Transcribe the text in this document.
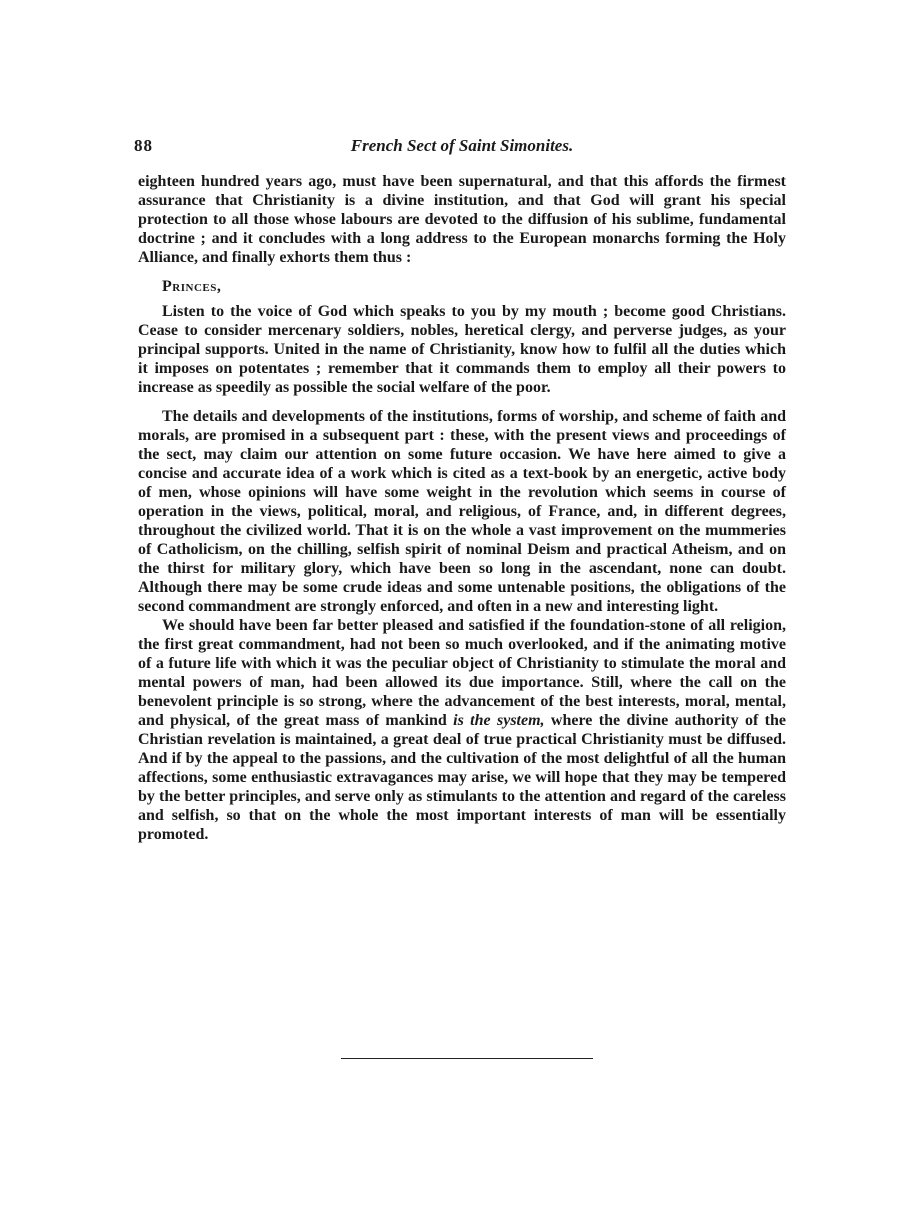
88	French Sect of Saint Simonites.

eighteen hundred years ago, must have been supernatural, and that this affords the firmest assurance that Christianity is a divine institution, and that God will grant his special protection to all those whose labours are devoted to the diffusion of his sublime, fundamental doctrine ; and it concludes with a long address to the European monarchs forming the Holy Alliance, and finally exhorts them thus :

Princes,

Listen to the voice of God which speaks to you by my mouth ; become good Christians. Cease to consider mercenary soldiers, nobles, heretical clergy, and perverse judges, as your principal supports. United in the name of Christianity, know how to fulfil all the duties which it imposes on potentates ; remember that it commands them to employ all their powers to increase as speedily as possible the social welfare of the poor.

The details and developments of the institutions, forms of worship, and scheme of faith and morals, are promised in a subsequent part : these, with the present views and proceedings of the sect, may claim our attention on some future occasion. We have here aimed to give a concise and accurate idea of a work which is cited as a text-book by an energetic, active body of men, whose opinions will have some weight in the revolution which seems in course of operation in the views, political, moral, and religious, of France, and, in different degrees, throughout the civilized world. That it is on the whole a vast improvement on the mummeries of Catholicism, on the chilling, selfish spirit of nominal Deism and practical Atheism, and on the thirst for military glory, which have been so long in the ascendant, none can doubt. Although there may be some crude ideas and some untenable positions, the obligations of the second commandment are strongly enforced, and often in a new and interesting light.

We should have been far better pleased and satisfied if the foundation-stone of all religion, the first great commandment, had not been so much overlooked, and if the animating motive of a future life with which it was the peculiar object of Christianity to stimulate the moral and mental powers of man, had been allowed its due importance. Still, where the call on the benevolent principle is so strong, where the advancement of the best interests, moral, mental, and physical, of the great mass of mankind is the system, where the divine authority of the Christian revelation is maintained, a great deal of true practical Christianity must be diffused. And if by the appeal to the passions, and the cultivation of the most delightful of all the human affections, some enthusiastic extravagances may arise, we will hope that they may be tempered by the better principles, and serve only as stimulants to the attention and regard of the careless and selfish, so that on the whole the most important interests of man will be essentially promoted.
